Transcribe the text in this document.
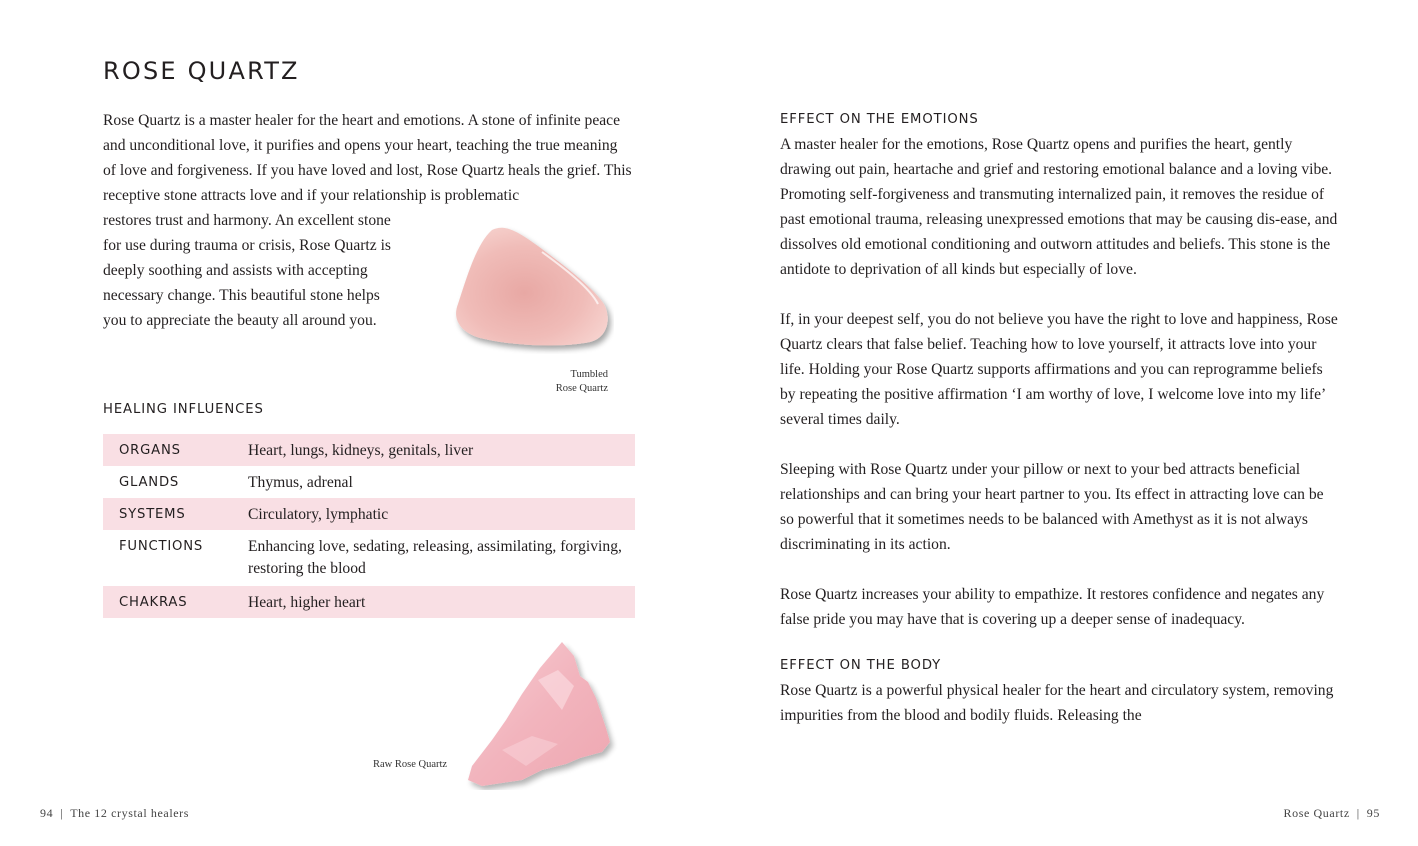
ROSE QUARTZ

Rose Quartz is a master healer for the heart and emotions. A stone of infinite peace and unconditional love, it purifies and opens your heart, teaching the true meaning of love and forgiveness. If you have loved and lost, Rose Quartz heals the grief. This receptive stone attracts love and if your relationship is problematic

restores trust and harmony. An excellent stone for use during trauma or crisis, Rose Quartz is deeply soothing and assists with accepting necessary change. This beautiful stone helps you to appreciate the beauty all around you.

Tumbled
Rose Quartz
HEALING INFLUENCES
ORGANS	Heart, lungs, kidneys, genitals, liver
GLANDS	Thymus, adrenal
SYSTEMS	Circulatory, lymphatic
FUNCTIONS	Enhancing love, sedating, releasing, assimilating, forgiving, restoring the blood
CHAKRAS	Heart, higher heart
Raw Rose Quartz
94 | The 12 crystal healers
EFFECT ON THE EMOTIONS

A master healer for the emotions, Rose Quartz opens and purifies the heart, gently drawing out pain, heartache and grief and restoring emotional balance and a loving vibe. Promoting self-forgiveness and transmuting internalized pain, it removes the residue of past emotional trauma, releasing unexpressed emotions that may be causing dis-ease, and dissolves old emotional conditioning and outworn attitudes and beliefs. This stone is the antidote to deprivation of all kinds but especially of love.

If, in your deepest self, you do not believe you have the right to love and happiness, Rose Quartz clears that false belief. Teaching how to love yourself, it attracts love into your life. Holding your Rose Quartz supports affirmations and you can reprogramme beliefs by repeating the positive affirmation ‘I am worthy of love, I welcome love into my life’ several times daily.

Sleeping with Rose Quartz under your pillow or next to your bed attracts beneficial relationships and can bring your heart partner to you. Its effect in attracting love can be so powerful that it sometimes needs to be balanced with Amethyst as it is not always discriminating in its action.

Rose Quartz increases your ability to empathize. It restores confidence and negates any false pride you may have that is covering up a deeper sense of inadequacy.

EFFECT ON THE BODY

Rose Quartz is a powerful physical healer for the heart and circulatory system, removing impurities from the blood and bodily fluids. Releasing the

Rose Quartz | 95
